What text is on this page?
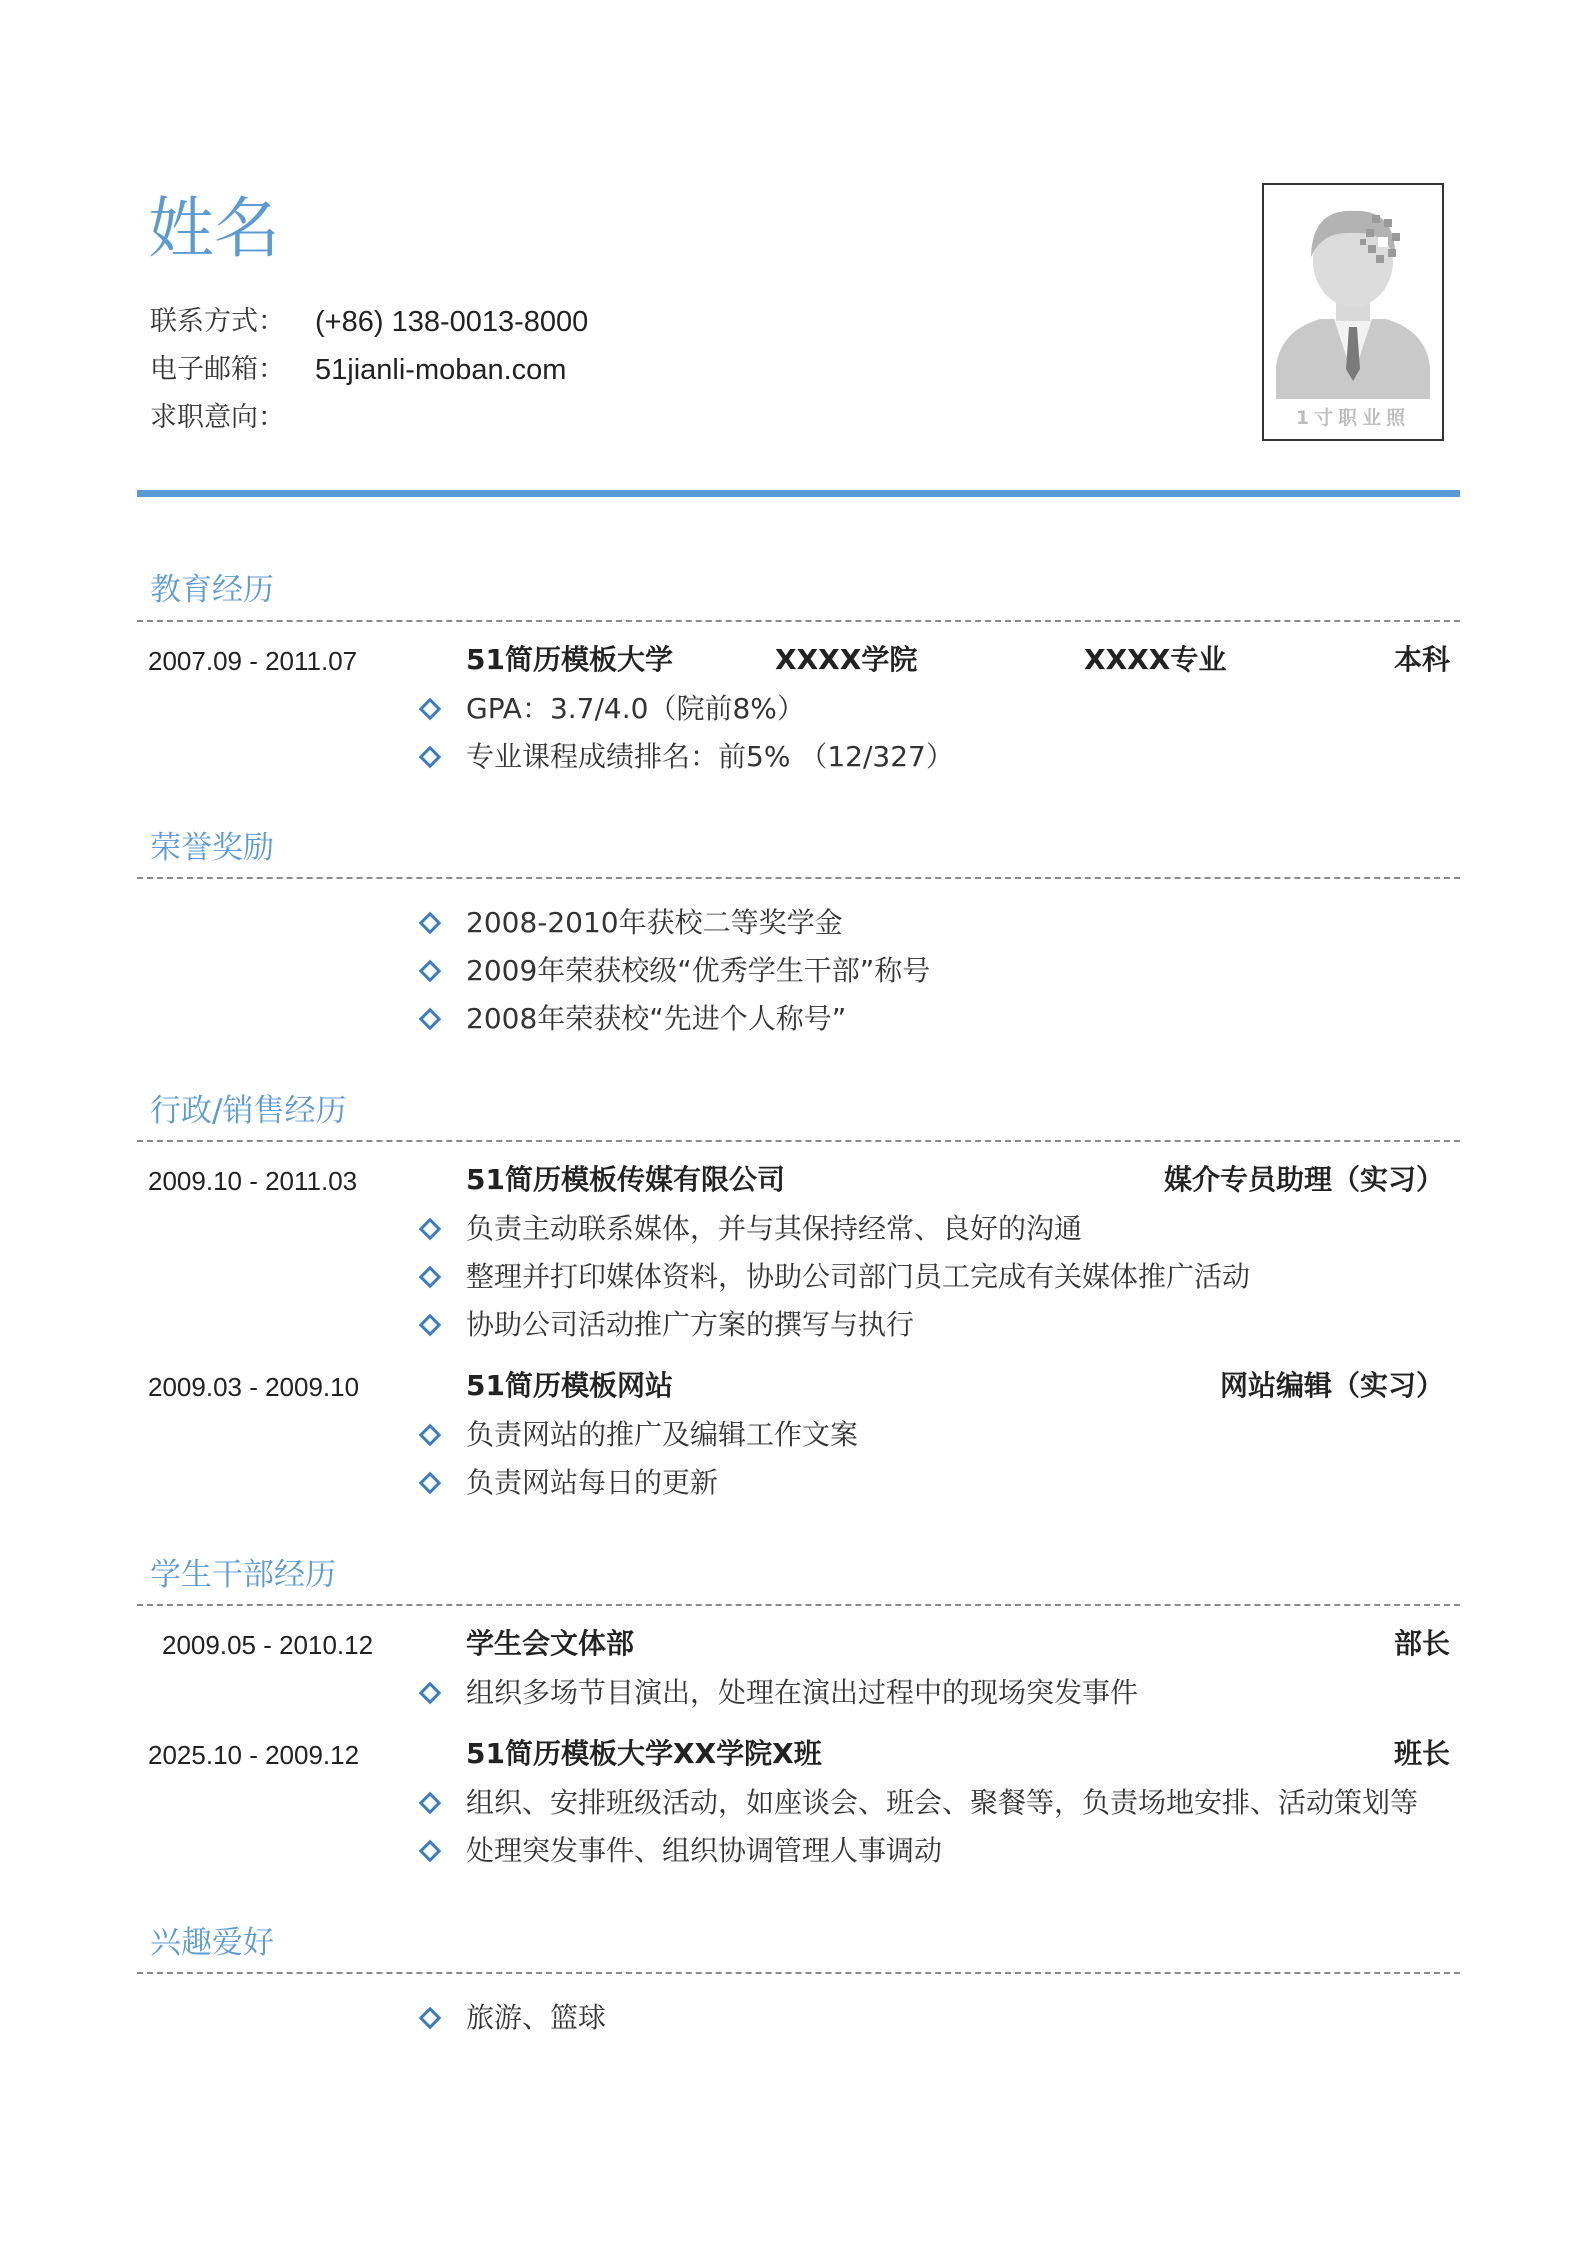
姓名
联系方式：	(+86) 138-0013-8000
电子邮箱：	51jianli-moban.com
求职意向：	1寸职业照
教育经历
2007.09 - 2011.07	51简历模板大学	XXXX学院	XXXX专业	本科
GPA：3.7/4.0（院前8%）
专业课程成绩排名：前5% （12/327）
荣誉奖励
2008-2010年获校二等奖学金
2009年荣获校级“优秀学生干部”称号
2008年荣获校“先进个人称号”
行政/销售经历
2009.10 - 2011.03	51简历模板传媒有限公司	媒介专员助理（实习）
负责主动联系媒体，并与其保持经常、良好的沟通
整理并打印媒体资料，协助公司部门员工完成有关媒体推广活动
协助公司活动推广方案的撰写与执行
2009.03 - 2009.10	51简历模板网站	网站编辑（实习）
负责网站的推广及编辑工作文案
负责网站每日的更新
学生干部经历
2009.05 - 2010.12	学生会文体部	部长
组织多场节目演出，处理在演出过程中的现场突发事件
2025.10 - 2009.12	51简历模板大学XX学院X班	班长
组织、安排班级活动，如座谈会、班会、聚餐等，负责场地安排、活动策划等
处理突发事件、组织协调管理人事调动
兴趣爱好
旅游、篮球
